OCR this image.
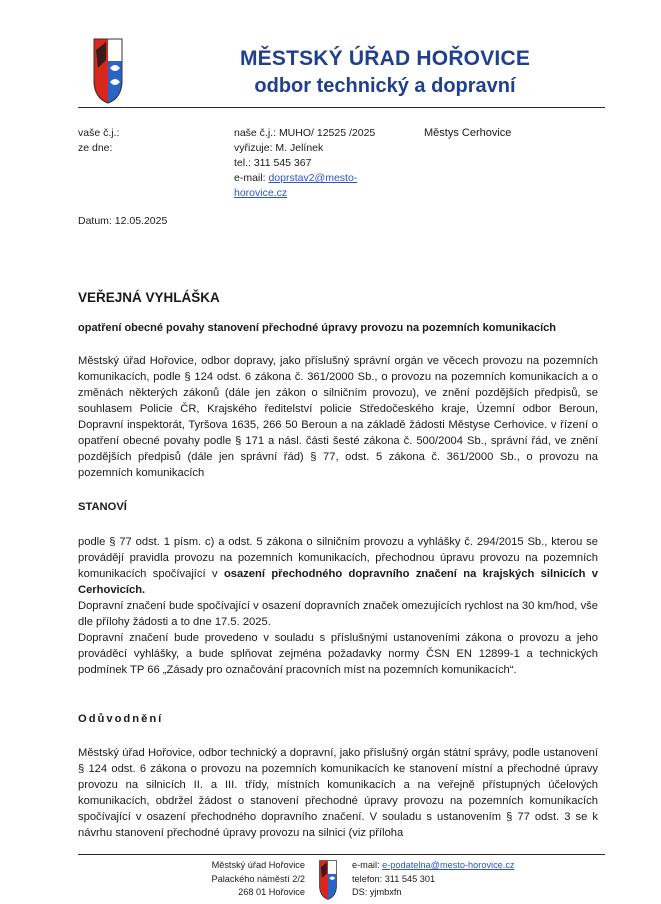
MĚSTSKÝ ÚŘAD HOŘOVICE
odbor technický a dopravní
vaše č.j.:
ze dne:
naše č.j.: MUHO/ 12525 /2025
vyřizuje: M. Jelínek
tel.: 311 545 367
e-mail: doprstav2@mesto-
horovice.cz
Městys Cerhovice
Datum: 12.05.2025
VEŘEJNÁ VYHLÁŠKA
opatření obecné povahy stanovení přechodné úpravy provozu na pozemních komunikacích

Městský úřad Hořovice, odbor dopravy, jako příslušný správní orgán ve věcech provozu na pozemních komunikacích, podle § 124 odst. 6 zákona č. 361/2000 Sb., o provozu na pozemních komunikacích a o změnách některých zákonů (dále jen zákon o silničním provozu), ve znění pozdějších předpisů, se souhlasem Policie ČR, Krajského ředitelství policie Středočeského kraje, Územní odbor Beroun, Dopravní inspektorát, Tyršova 1635, 266 50 Beroun a na základě žádosti Městyse Cerhovice. v řízení o opatření obecné povahy podle § 171 a násl. části šesté zákona č. 500/2004 Sb., správní řád, ve znění pozdějších předpisů (dále jen správní řád) § 77, odst. 5 zákona č. 361/2000 Sb., o provozu na pozemních komunikacích

STANOVÍ

podle § 77 odst. 1 písm. c) a odst. 5 zákona o silničním provozu a vyhlášky č. 294/2015 Sb., kterou se provádějí pravidla provozu na pozemních komunikacích, přechodnou úpravu provozu na pozemních komunikacích spočívající v osazení přechodného dopravního značení na krajských silnicích v Cerhovicích.

Dopravní značení bude spočívající v osazení dopravních značek omezujících rychlost na 30 km/hod, vše dle přílohy žádosti a to dne 17.5. 2025.

Dopravní značení bude provedeno v souladu s příslušnými ustanoveními zákona o provozu a jeho prováděcí vyhlášky, a bude splňovat zejména požadavky normy ČSN EN 12899-1 a technických podmínek TP 66 „Zásady pro označování pracovních míst na pozemních komunikacích“.

Odůvodnění

Městský úřad Hořovice, odbor technický a dopravní, jako příslušný orgán státní správy, podle ustanovení § 124 odst. 6 zákona o provozu na pozemních komunikacích ke stanovení místní a přechodné úpravy provozu na silnicích II. a III. třídy, místních komunikacích a na veřejně přístupných účelových komunikacích, obdržel žádost o stanovení přechodné úpravy provozu na pozemních komunikacích spočívající v osazení přechodného dopravního značení. V souladu s ustanovením § 77 odst. 3 se k návrhu stanovení přechodné úpravy provozu na silnici (viz příloha

Městský úřad Hořovice
Palackého náměstí 2/2
268 01 Hořovice
e-mail: e-podatelna@mesto-horovice.cz
telefon: 311 545 301
DS: yjmbxfn
